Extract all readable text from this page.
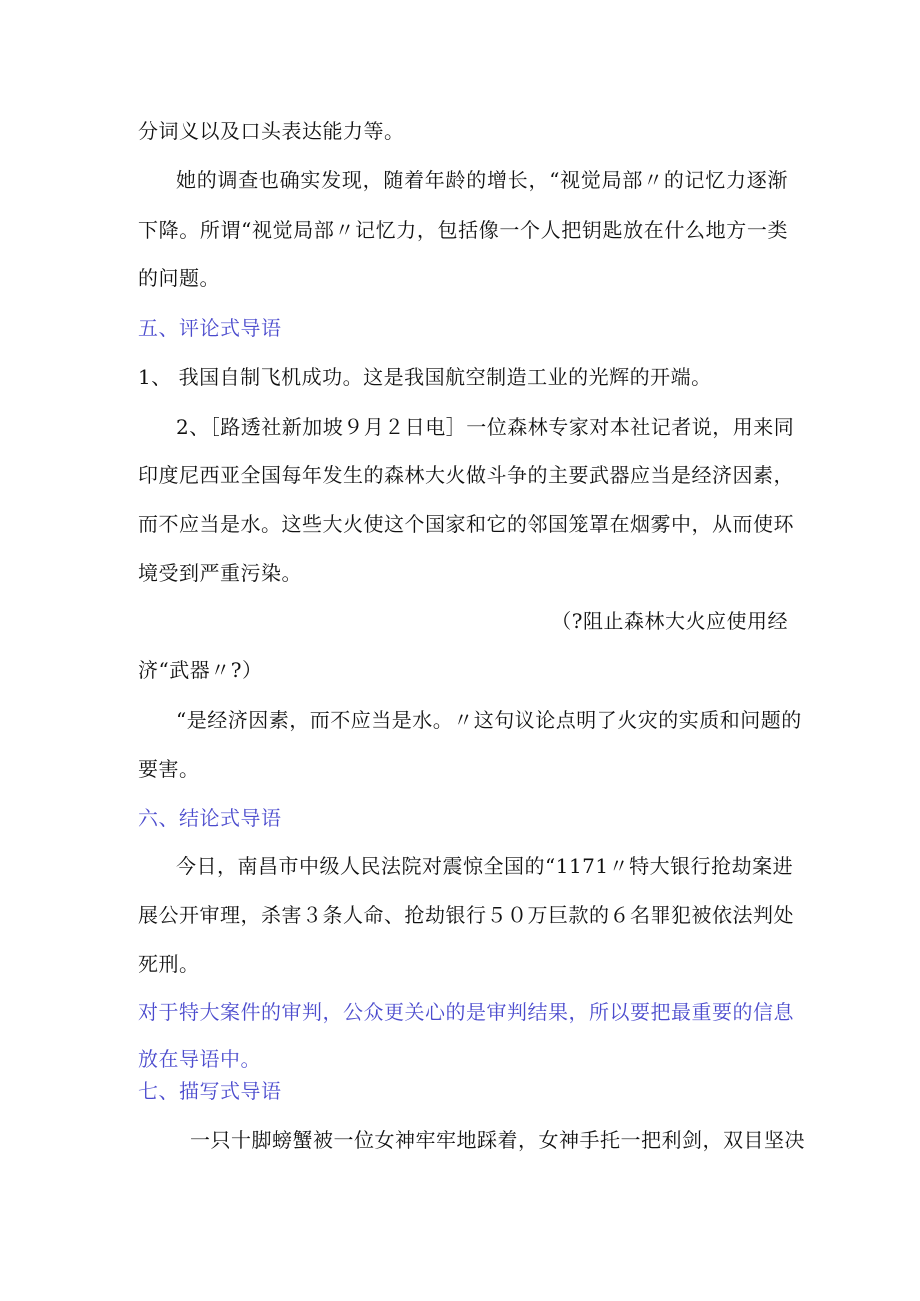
分词义以及口头表达能力等。
她的调查也确实发现，随着年龄的增长，“视觉局部〃的记忆力逐渐
下降。所谓“视觉局部〃记忆力，包括像一个人把钥匙放在什么地方一类
的问题。
五、评论式导语
1、 我国自制飞机成功。这是我国航空制造工业的光辉的开端。
2、［路透社新加坡９月２日电］一位森林专家对本社记者说，用来同
印度尼西亚全国每年发生的森林大火做斗争的主要武器应当是经济因素，
而不应当是水。这些大火使这个国家和它的邻国笼罩在烟雾中，从而使环
境受到严重污染。
（?阻止森林大火应使用经
济“武器〃?）
“是经济因素，而不应当是水。〃这句议论点明了火灾的实质和问题的
要害。
六、结论式导语
今日，南昌市中级人民法院对震惊全国的“1171〃特大银行抢劫案进
展公开审理，杀害３条人命、抢劫银行５０万巨款的６名罪犯被依法判处
死刑。
对于特大案件的审判，公众更关心的是审判结果，所以要把最重要的信息
放在导语中。
七、描写式导语
一只十脚螃蟹被一位女神牢牢地踩着，女神手托一把利剑，双目坚决
